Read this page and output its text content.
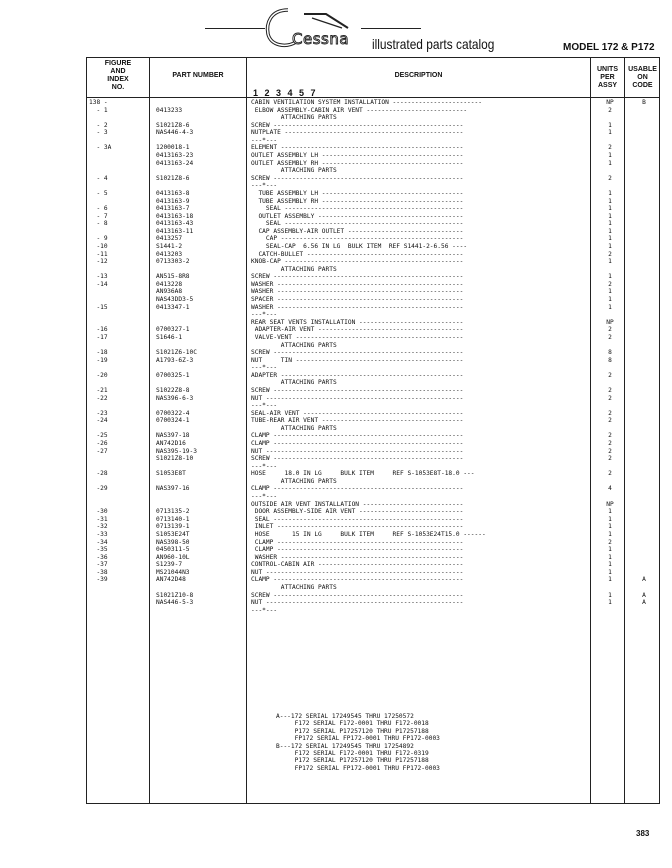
Cessna illustrated parts catalog	MODEL 172 & P172
FIGURE
AND
INDEX
NO.
PART NUMBER	DESCRIPTION
1 2 3 4 5 7
UNITS
PER
ASSY
USABLE
ON
CODE
138 -	CABIN VENTILATION SYSTEM INSTALLATION ------------------------	NP	B
- 1	0413233	ELBOW ASSEMBLY-CABIN AIR VENT ---------------------------	2
ATTACHING PARTS
- 2	S1021Z8-6	SCREW ---------------------------------------------------	1
- 3	NAS446-4-3	NUTPLATE ------------------------------------------------	1
---*---
- 3A	1200018-1	ELEMENT -------------------------------------------------	2
0413163-23	OUTLET ASSEMBLY LH --------------------------------------	1
0413163-24	OUTLET ASSEMBLY RH --------------------------------------	1
ATTACHING PARTS
- 4	S1021Z8-6	SCREW ---------------------------------------------------	2
---*---
- 5	0413163-8	TUBE ASSEMBLY LH --------------------------------------	1
0413163-9	TUBE ASSEMBLY RH --------------------------------------	1
- 6	0413163-7	SEAL ------------------------------------------------	1
- 7	0413163-18	OUTLET ASSEMBLY ---------------------------------------	1
- 8	0413163-43	SEAL ------------------------------------------------	1
0413163-11	CAP ASSEMBLY-AIR OUTLET -------------------------------	1
- 9	0413257	CAP -------------------------------------------------	1
-10	S1441-2	SEAL-CAP  6.56 IN LG  BULK ITEM  REF S1441-2-6.56 ----	1
-11	0413203	CATCH-BULLET ------------------------------------------	2
-12	0713303-2	KNOB-CAP ------------------------------------------------	1
ATTACHING PARTS
-13	AN515-8R8	SCREW ---------------------------------------------------	1
-14	0413228	WASHER --------------------------------------------------	2
AN936A8	WASHER --------------------------------------------------	1
NAS43DD3-5	SPACER --------------------------------------------------	1
-15	0413347-1	WASHER --------------------------------------------------	1
---*---
REAR SEAT VENTS INSTALLATION ----------------------------	NP
-16	0700327-1	ADAPTER-AIR VENT ---------------------------------------	2
-17	S1646-1	VALVE-VENT ---------------------------------------------	2
ATTACHING PARTS
-18	S1021Z6-10C	SCREW ---------------------------------------------------	8
-19	A1793-6Z-3	NUT     TIN ---------------------------------------------	8
---*---
-20	0700325-1	ADAPTER -------------------------------------------------	2
ATTACHING PARTS
-21	S1022Z8-8	SCREW ---------------------------------------------------	2
-22	NAS396-6-3	NUT -----------------------------------------------------	2
---*---
-23	0700322-4	SEAL-AIR VENT -------------------------------------------	2
-24	0700324-1	TUBE-REAR AIR VENT --------------------------------------	2
ATTACHING PARTS
-25	NAS397-18	CLAMP ---------------------------------------------------	2
-26	AN742D16	CLAMP ---------------------------------------------------	2
-27	NAS395-19-3	NUT -----------------------------------------------------	2
S1021Z8-10	SCREW ---------------------------------------------------	2
---*---
-28	S1053E8T	HOSE     18.0 IN LG     BULK ITEM     REF S-1053E8T-18.0 ---	2
ATTACHING PARTS
-29	NAS397-16	CLAMP ---------------------------------------------------	4
---*---
OUTSIDE AIR VENT INSTALLATION ---------------------------	NP
-30	0713135-2	DOOR ASSEMBLY-SIDE AIR VENT ----------------------------	1
-31	0713140-1	SEAL ---------------------------------------------------	1
-32	0713139-1	INLET --------------------------------------------------	1
-33	S1053E24T	HOSE      15 IN LG     BULK ITEM     REF S-1053E24T15.0 ------	1
-34	NAS398-50	CLAMP --------------------------------------------------	2
-35	0450311-5	CLAMP --------------------------------------------------	1
-36	AN960-10L	WASHER -------------------------------------------------	1
-37	S1239-7	CONTROL-CABIN AIR ---------------------------------------	1
-38	MS21044N3	NUT -----------------------------------------------------	1
-39	AN742D48	CLAMP ---------------------------------------------------	1	A
ATTACHING PARTS
S1021Z10-8	SCREW ---------------------------------------------------	1	A
NAS446-5-3	NUT -----------------------------------------------------	1	A
---*---
A---172 SERIAL 17249545 THRU 17250572
F172 SERIAL F172-0001 THRU F172-0018
P172 SERIAL P17257120 THRU P17257188
FP172 SERIAL FP172-0001 THRU FP172-0003
B---172 SERIAL 17249545 THRU 17254892
F172 SERIAL F172-0001 THRU F172-0319
P172 SERIAL P17257120 THRU P17257188
FP172 SERIAL FP172-0001 THRU FP172-0003
383
